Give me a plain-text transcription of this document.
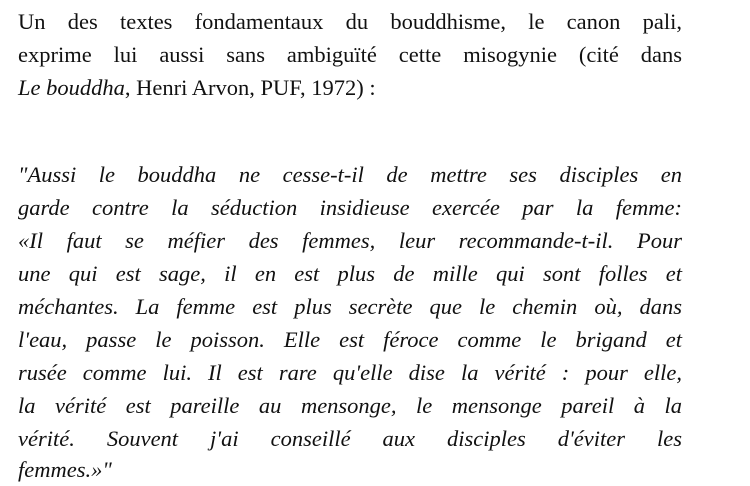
Un des textes fondamentaux du bouddhisme, le canon pali,
exprime lui aussi sans ambiguïté cette misogynie (cité dans
Le bouddha, Henri Arvon, PUF, 1972) :
"Aussi le bouddha ne cesse-t-il de mettre ses disciples en
garde contre la séduction insidieuse exercée par la femme:
«Il faut se méfier des femmes, leur recommande-t-il. Pour
une qui est sage, il en est plus de mille qui sont folles et
méchantes. La femme est plus secrète que le chemin où, dans
l'eau, passe le poisson. Elle est féroce comme le brigand et
rusée comme lui. Il est rare qu'elle dise la vérité : pour elle,
la vérité est pareille au mensonge, le mensonge pareil à la
vérité. Souvent j'ai conseillé aux disciples d'éviter les
femmes.»"
